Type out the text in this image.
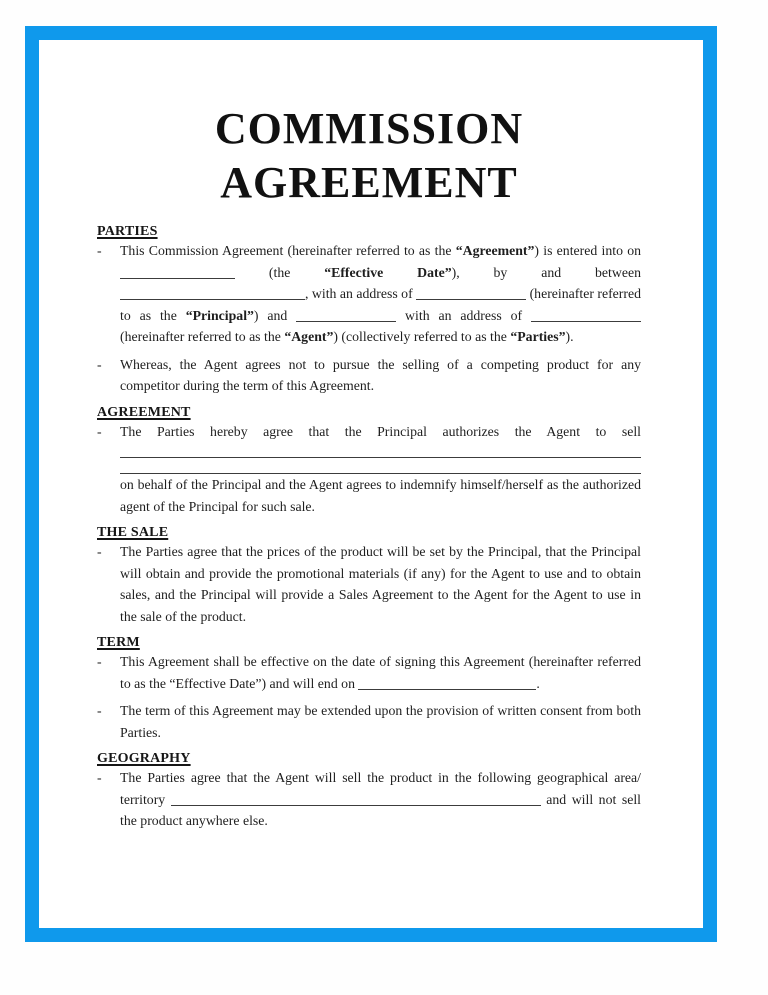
COMMISSION
AGREEMENT
PARTIES
-	This Commission Agreement (hereinafter referred to as the “Agreement”) is entered into on  (the “Effective Date”), by and between , with an address of	(hereinafter referred to as the “Principal”) and	with an address of  (hereinafter referred to as the “Agent”) (collectively referred to as the “Parties”).
-	Whereas, the Agent agrees not to pursue the selling of a competing product for any competitor during the term of this Agreement.
AGREEMENT
-	The Parties hereby agree that the Principal authorizes the Agent to sell
on behalf of the Principal and the Agent agrees to indemnify himself/herself as the authorized agent of the Principal for such sale.
THE SALE
-	The Parties agree that the prices of the product will be set by the Principal, that the Principal will obtain and provide the promotional materials (if any) for the Agent to use and to obtain sales, and the Principal will provide a Sales Agreement to the Agent for the Agent to use in the sale of the product.
TERM
-	This Agreement shall be effective on the date of signing this Agreement (hereinafter referred to as the “Effective Date”) and will end on	.
-	The term of this Agreement may be extended upon the provision of written consent from both Parties.
GEOGRAPHY
-	The Parties agree that the Agent will sell the product in the following geographical area/ territory	and will not sell the product anywhere else.
